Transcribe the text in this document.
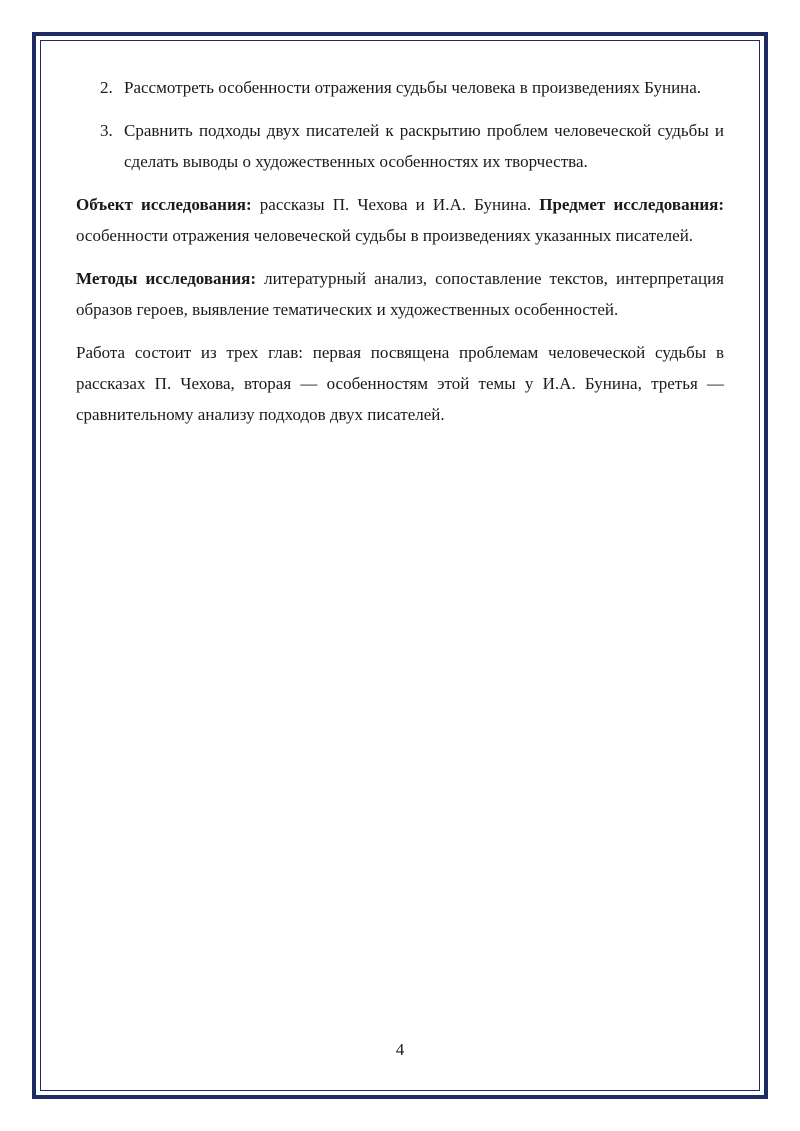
2. Рассмотреть особенности отражения судьбы человека в произведениях Бунина.
3. Сравнить подходы двух писателей к раскрытию проблем человеческой судьбы и сделать выводы о художественных особенностях их творчества.

Объект исследования: рассказы П. Чехова и И.А. Бунина. Предмет исследования: особенности отражения человеческой судьбы в произведениях указанных писателей.

Методы исследования: литературный анализ, сопоставление текстов, интерпретация образов героев, выявление тематических и художественных особенностей.

Работа состоит из трех глав: первая посвящена проблемам человеческой судьбы в рассказах П. Чехова, вторая — особенностям этой темы у И.А. Бунина, третья — сравнительному анализу подходов двух писателей.

4
